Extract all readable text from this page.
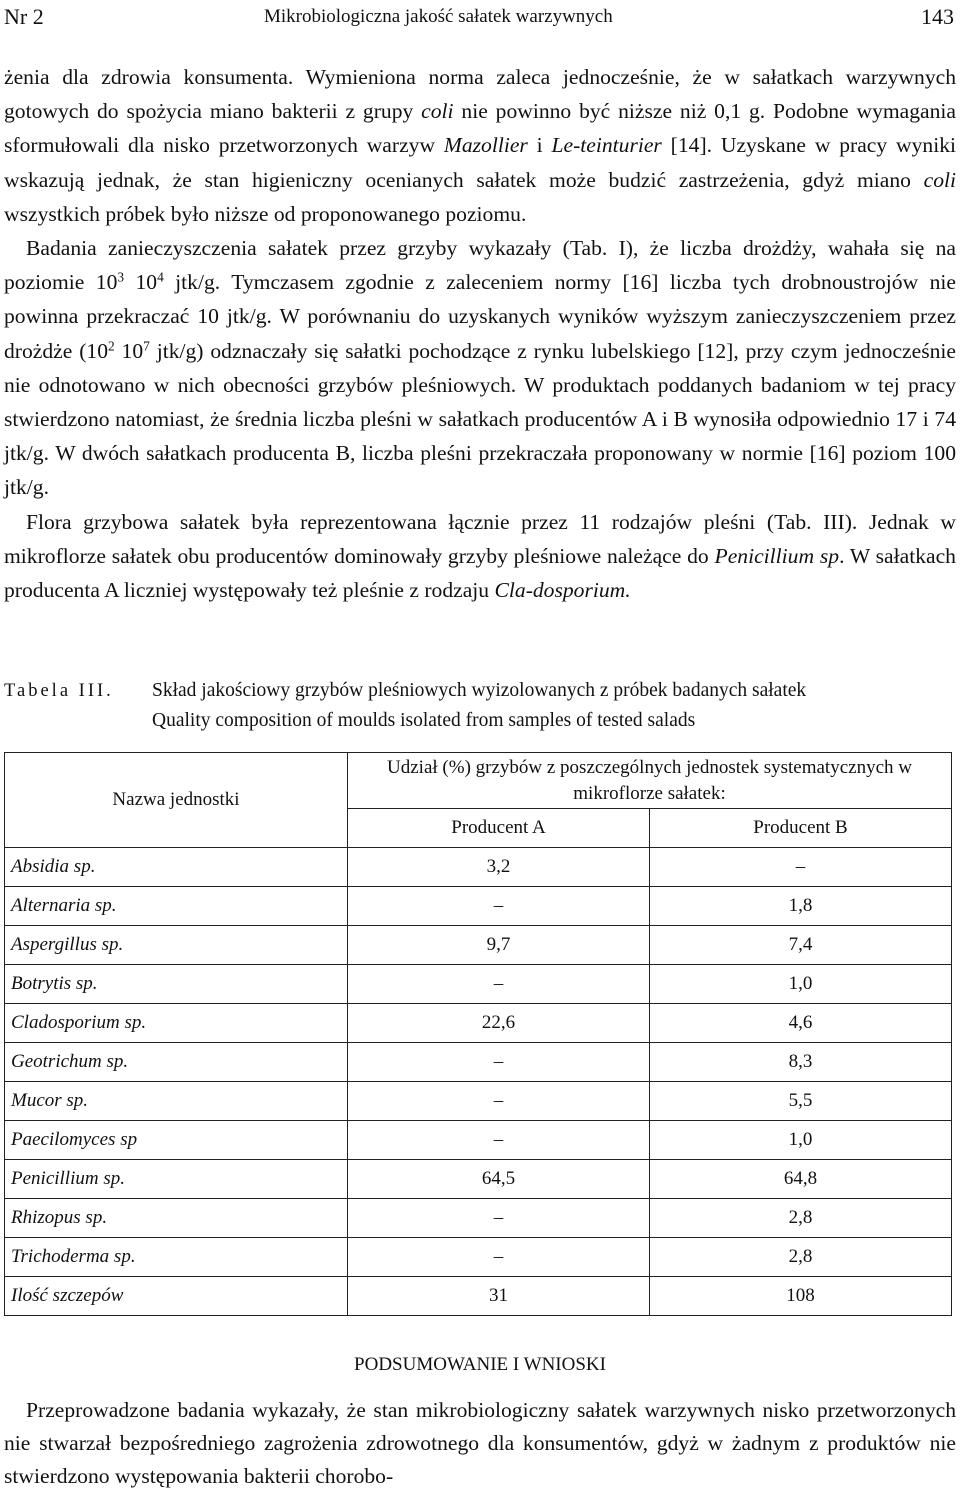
Nr 2	Mikrobiologiczna jakość sałatek warzywnych	143

żenia dla zdrowia konsumenta. Wymieniona norma zaleca jednocześnie, że w sałatkach warzywnych gotowych do spożycia miano bakterii z grupy coli nie powinno być niższe niż 0,1 g. Podobne wymagania sformułowali dla nisko przetworzonych warzyw Mazollier i Le-teinturier [14]. Uzyskane w pracy wyniki wskazują jednak, że stan higieniczny ocenianych sałatek może budzić zastrzeżenia, gdyż miano coli wszystkich próbek było niższe od proponowanego poziomu.

Badania zanieczyszczenia sałatek przez grzyby wykazały (Tab. I), że liczba drożdży, wahała się na poziomie $10^3$ $10^4$ jtk/g. Tymczasem zgodnie z zaleceniem normy [16] liczba tych drobnoustrojów nie powinna przekraczać 10 jtk/g. W porównaniu do uzyskanych wyników wyższym zanieczyszczeniem przez drożdże ($10^2$ $10^7$ jtk/g) odznaczały się sałatki pochodzące z rynku lubelskiego [12], przy czym jednocześnie nie odnotowano w nich obecności grzybów pleśniowych. W produktach poddanych badaniom w tej pracy stwierdzono natomiast, że średnia liczba pleśni w sałatkach producentów A i B wynosiła odpowiednio 17 i 74 jtk/g. W dwóch sałatkach producenta B, liczba pleśni przekraczała proponowany w normie [16] poziom 100 jtk/g.

Flora grzybowa sałatek była reprezentowana łącznie przez 11 rodzajów pleśni (Tab. III). Jednak w mikroflorze sałatek obu producentów dominowały grzyby pleśniowe należące do Penicillium sp. W sałatkach producenta A liczniej występowały też pleśnie z rodzaju Cla-dosporium.

Tabela III. Skład jakościowy grzybów pleśniowych wyizolowanych z próbek badanych sałatek
Quality composition of moulds isolated from samples of tested salads
Nazwa jednostki	Udział (%) grzybów z poszczególnych jednostek systematycznych w mikroflorze sałatek:	
	Producent A	Producent B
Absidia sp.	3,2	–
Alternaria sp.	–	1,8
Aspergillus sp.	9,7	7,4
Botrytis sp.	–	1,0
Cladosporium sp.	22,6	4,6
Geotrichum sp.	–	8,3
Mucor sp.	–	5,5
Paecilomyces sp	–	1,0
Penicillium sp.	64,5	64,8
Rhizopus sp.	–	2,8
Trichoderma sp.	–	2,8
Ilość szczepów	31	108
PODSUMOWANIE I WNIOSKI

Przeprowadzone badania wykazały, że stan mikrobiologiczny sałatek warzywnych nisko przetworzonych nie stwarzał bezpośredniego zagrożenia zdrowotnego dla konsumentów, gdyż w żadnym z produktów nie stwierdzono występowania bakterii chorobo-
